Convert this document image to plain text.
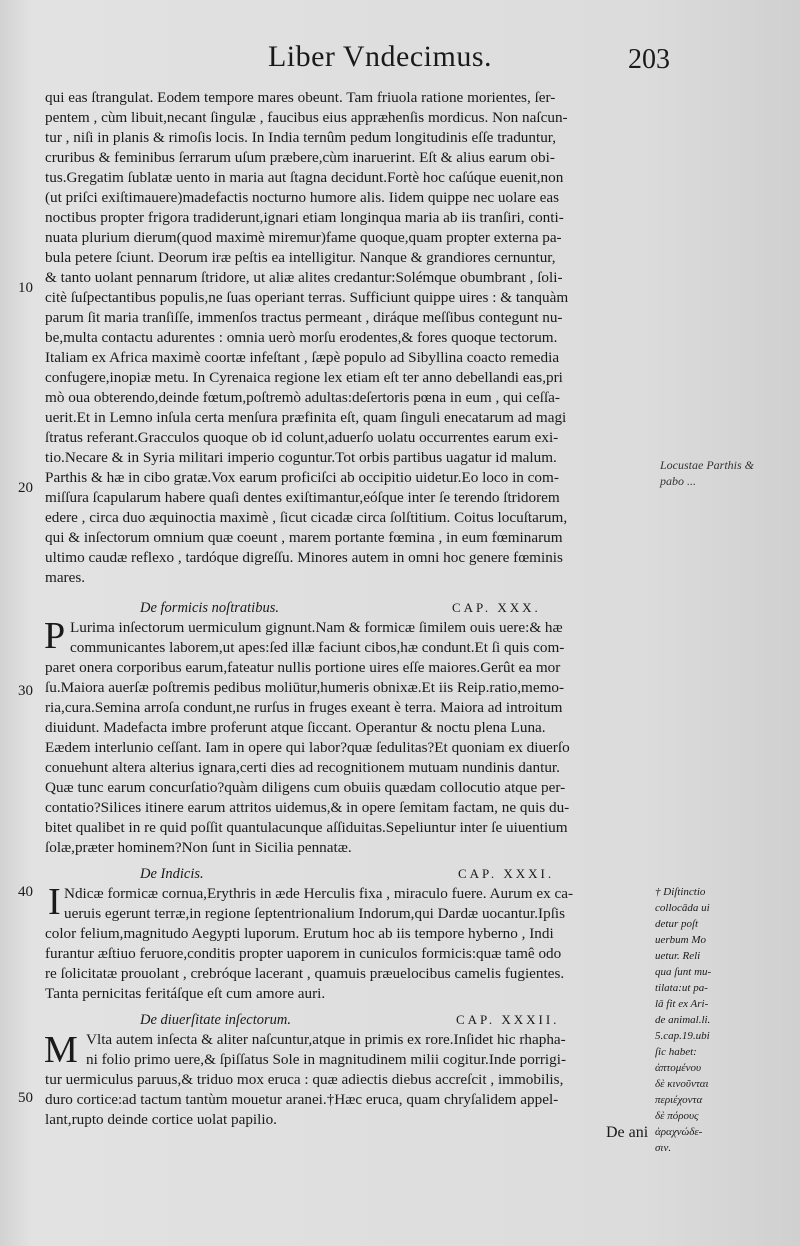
Liber Vndecimus.	203
qui eas ſtrangulat. Eodem tempore mares obeunt. Tam friuola ratione morientes, ſer-
pentem , cùm libuit,necant ſingulæ , faucibus eius appræhenſis mordicus. Non naſcun-
tur , niſi in planis & rimoſis locis. In India ternûm pedum longitudinis eſſe traduntur,
cruribus & feminibus ſerrarum uſum præbere,cùm inaruerint. Eſt & alius earum obi-
tus.Gregatim ſublatæ uento in maria aut ſtagna decidunt.Fortè hoc caſúque euenit,non
(ut priſci exiſtimauere)madefactis nocturno humore alis. Iidem quippe nec uolare eas
noctibus propter frigora tradiderunt,ignari etiam longinqua maria ab iis tranſiri, conti-
nuata plurium dierum(quod maximè miremur)fame quoque,quam propter externa pa-
bula petere ſciunt. Deorum iræ peſtis ea intelligitur. Nanque & grandiores cernuntur,
& tanto uolant pennarum ſtridore, ut aliæ alites credantur:Solémque obumbrant , ſoli-
citè ſuſpectantibus populis,ne ſuas operiant terras. Sufficiunt quippe uires : & tanquàm
parum ſit maria tranſiſſe, immenſos tractus permeant , diráque meſſibus contegunt nu-
be,multa contactu adurentes : omnia uerò morſu erodentes,& fores quoque tectorum.
Italiam ex Africa maximè coortæ infeſtant , ſæpè populo ad Sibyllina coacto remedia
confugere,inopiæ metu. In Cyrenaica regione lex etiam eſt ter anno debellandi eas,pri
mò oua obterendo,deinde fœtum,poſtremò adultas:deſertoris pœna in eum , qui ceſſa-
uerit.Et in Lemno inſula certa menſura præfinita eſt, quam ſinguli enecatarum ad magi
ſtratus referant.Gracculos quoque ob id colunt,aduerſo uolatu occurrentes earum exi-
tio.Necare & in Syria militari imperio coguntur.Tot orbis partibus uagatur id malum.
Parthis & hæ in cibo gratæ.Vox earum proficiſci ab occipitio uidetur.Eo loco in com-
miſſura ſcapularum habere quaſi dentes exiſtimantur,eóſque inter ſe terendo ſtridorem
edere , circa duo æquinoctia maximè , ſicut cicadæ circa ſolſtitium. Coitus locuſtarum,
qui & inſectorum omnium quæ coeunt , marem portante fœmina , in eum fœminarum
ultimo caudæ reflexo , tardóque digreſſu. Minores autem in omni hoc genere fœminis
mares.
De formicis noſtratibus.	CAP. XXX.
P Lurima inſectorum uermiculum gignunt.Nam & formicæ ſimilem ouis uere:& hæ
communicantes laborem,ut apes:ſed illæ faciunt cibos,hæ condunt.Et ſi quis com-
paret onera corporibus earum,fateatur nullis portione uires eſſe maiores.Gerût ea mor
ſu.Maiora auerſæ poſtremis pedibus moliūtur,humeris obnixæ.Et iis Reip.ratio,memo-
ria,cura.Semina arroſa condunt,ne rurſus in fruges exeant è terra. Maiora ad introitum
diuidunt. Madefacta imbre proferunt atque ſiccant. Operantur & noctu plena Luna.
Eædem interlunio ceſſant. Iam in opere qui labor?quæ ſedulitas?Et quoniam ex diuerſo
conuehunt altera alterius ignara,certi dies ad recognitionem mutuam nundinis dantur.
Quæ tunc earum concurſatio?quàm diligens cum obuiis quædam collocutio atque per-
contatio?Silices itinere earum attritos uidemus,& in opere ſemitam factam, ne quis du-
bitet qualibet in re quid poſſit quantulacunque aſſiduitas.Sepeliuntur inter ſe uiuentium
ſolæ,præter hominem?Non ſunt in Sicilia pennatæ.
De Indicis.	CAP. XXXI.
I Ndicæ formicæ cornua,Erythris in æde Herculis fixa , miraculo fuere. Aurum ex ca-
ueruis egerunt terræ,in regione ſeptentrionalium Indorum,qui Dardæ uocantur.Ipſis
color felium,magnitudo Aegypti luporum. Erutum hoc ab iis tempore hyberno , Indi
furantur æſtiuo feruore,conditis propter uaporem in cuniculos formicis:quæ tamê odo
re ſolicitatæ prouolant , crebróque lacerant , quamuis præuelocibus camelis fugientes.
Tanta pernicitas feritáſque eſt cum amore auri.
De diuerſitate inſectorum.	CAP. XXXII.
M Vlta autem inſecta & aliter naſcuntur,atque in primis ex rore.Inſidet hic rhapha-
ni folio primo uere,& ſpiſſatus Sole in magnitudinem milii cogitur.Inde porrigi-
tur uermiculus paruus,& triduo mox eruca : quæ adiectis diebus accreſcit , immobilis,
duro cortice:ad tactum tantùm mouetur aranei.†Hæc eruca, quam chryſalidem appel-
lant,rupto deinde cortice uolat papilio.
10
20
30
40
50
† Diſtinctio
collocāda ui
detur poſt
uerbum Mo
uetur. Reli
qua ſunt mu-
tilata:ut pa-
lā fit ex Ari-
de animal.li.
5.cap.19.ubi
ſic habet:
ἀπτομένου
δὲ κινοῦνται
περιέχοντα
δὲ πόρους
ἀραχνώδε-
σιν.
Locustae Parthis &
pabo ...
De ani
